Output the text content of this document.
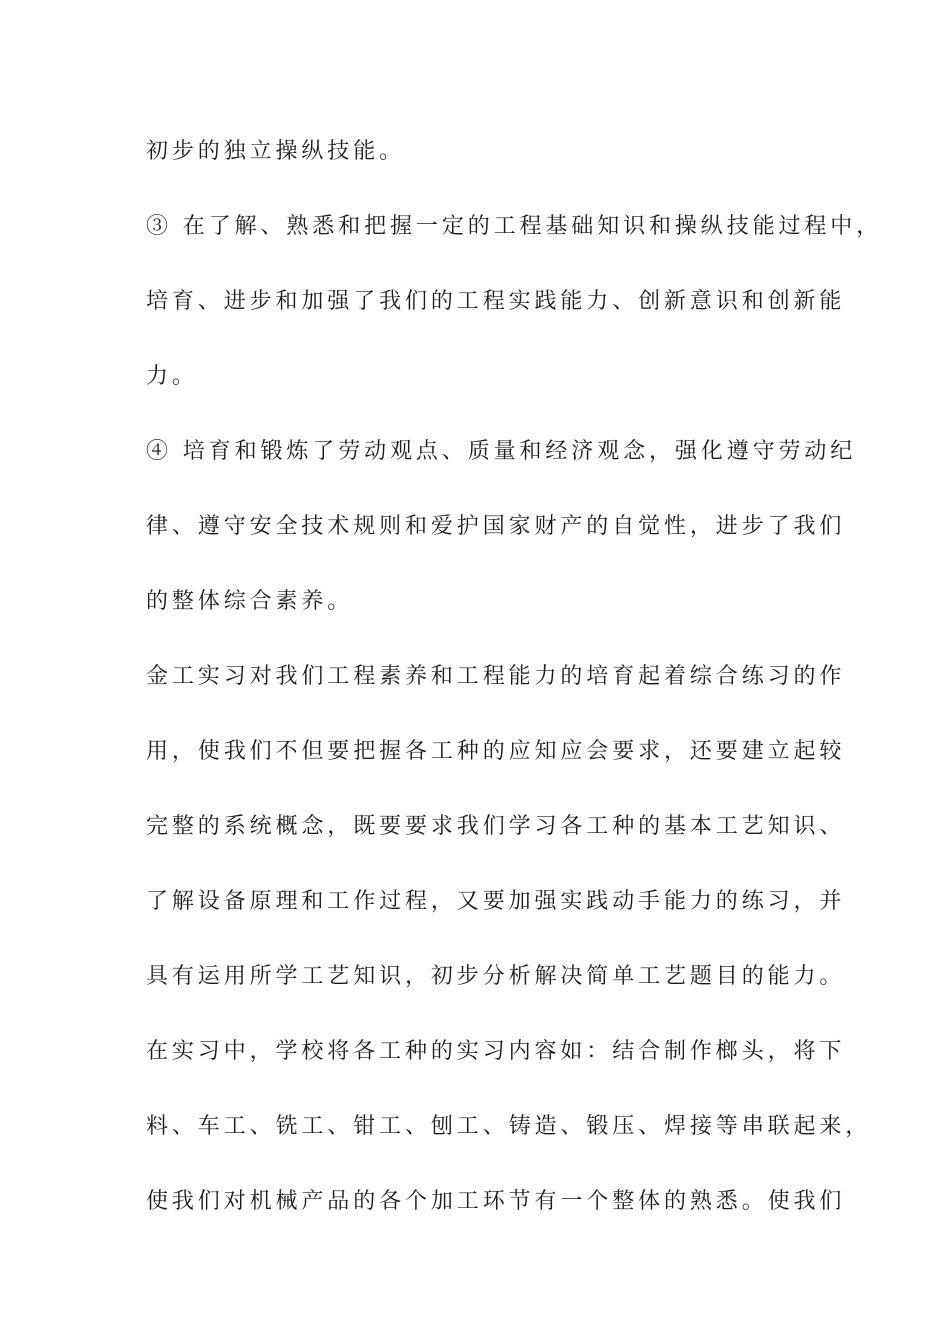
初步的独立操纵技能。

③ 在了解、熟悉和把握一定的工程基础知识和操纵技能过程中，

培育、进步和加强了我们的工程实践能力、创新意识和创新能

力。

④ 培育和锻炼了劳动观点、质量和经济观念，强化遵守劳动纪

律、遵守安全技术规则和爱护国家财产的自觉性，进步了我们

的整体综合素养。

金工实习对我们工程素养和工程能力的培育起着综合练习的作

用，使我们不但要把握各工种的应知应会要求，还要建立起较

完整的系统概念，既要要求我们学习各工种的基本工艺知识、

了解设备原理和工作过程，又要加强实践动手能力的练习，并

具有运用所学工艺知识，初步分析解决简单工艺题目的能力。

在实习中，学校将各工种的实习内容如：结合制作榔头，将下

料、车工、铣工、钳工、刨工、铸造、锻压、焊接等串联起来，

使我们对机械产品的各个加工环节有一个整体的熟悉。使我们
